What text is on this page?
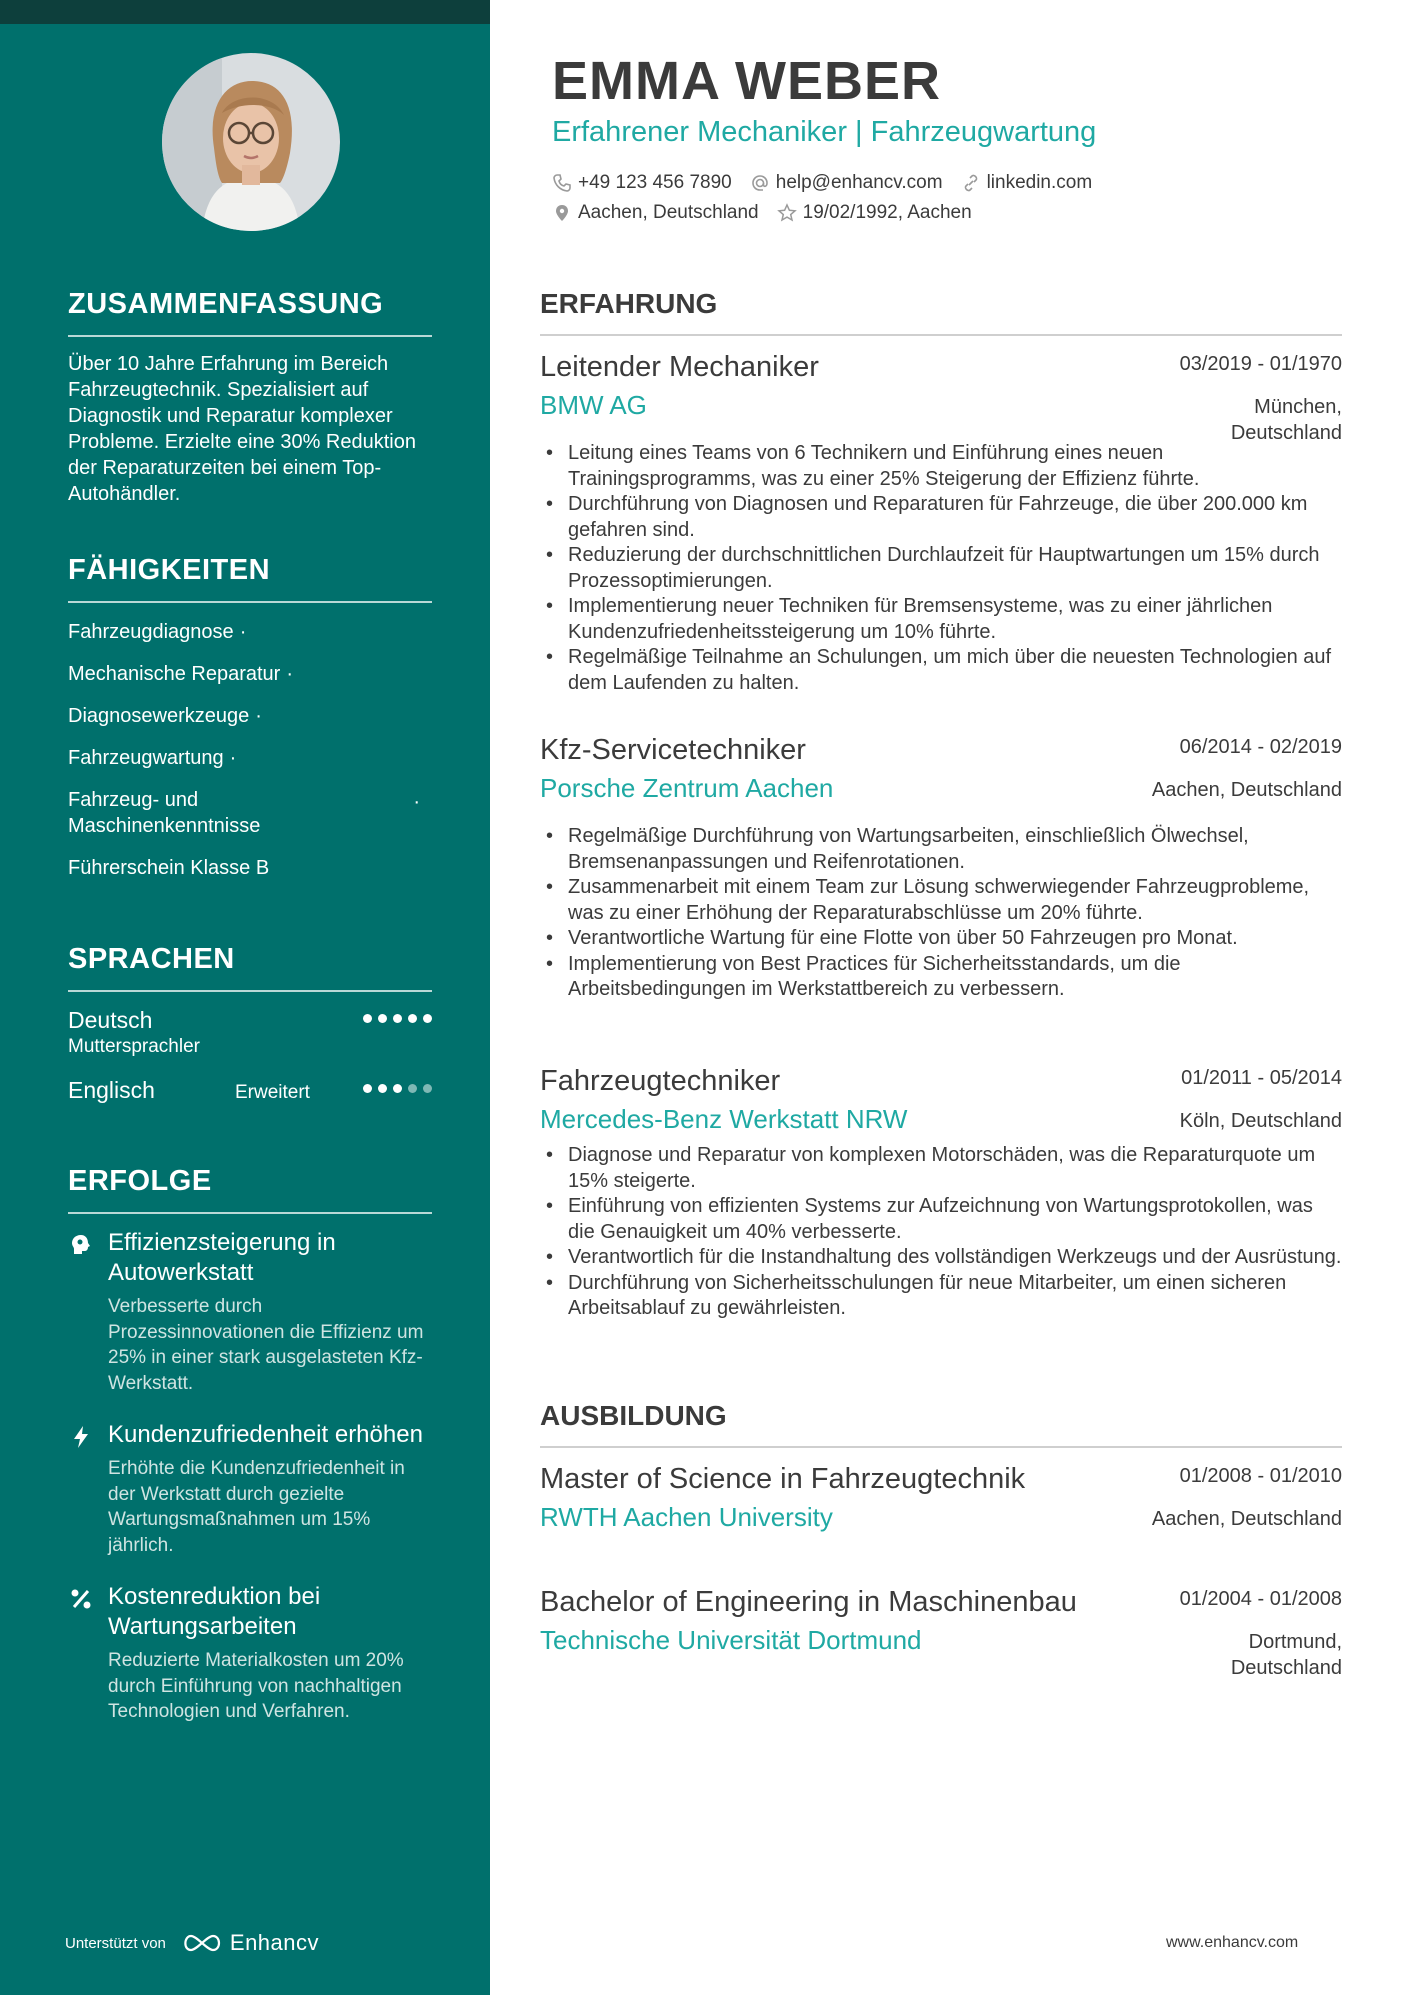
ZUSAMMENFASSUNG

Über 10 Jahre Erfahrung im Bereich Fahrzeugtechnik. Spezialisiert auf Diagnostik und Reparatur komplexer Probleme. Erzielte eine 30% Reduktion der Reparaturzeiten bei einem Top-Autohändler.

FÄHIGKEITEN
Fahrzeugdiagnose ·
Mechanische Reparatur ·
Diagnosewerkzeuge ·
Fahrzeugwartung ·
Fahrzeug- und Maschinenkenntnisse
·
Führerschein Klasse B
SPRACHEN
Deutsch
Muttersprachler
Englisch	Erweitert
ERFOLGE
Effizienzsteigerung in Autowerkstatt
Verbesserte durch Prozessinnovationen die Effizienz um 25% in einer stark ausgelasteten Kfz-Werkstatt.
Kundenzufriedenheit erhöhen
Erhöhte die Kundenzufriedenheit in der Werkstatt durch gezielte Wartungsmaßnahmen um 15% jährlich.
Kostenreduktion bei Wartungsarbeiten
Reduzierte Materialkosten um 20% durch Einführung von nachhaltigen Technologien und Verfahren.
Unterstützt von	Enhancv
EMMA WEBER
Erfahrener Mechaniker | Fahrzeugwartung
+49 123 456 7890 help@enhancv.com linkedin.com
Aachen, Deutschland 19/02/1992, Aachen
ERFAHRUNG
Leitender Mechaniker	03/2019 - 01/1970
BMW AG	München, Deutschland
• Leitung eines Teams von 6 Technikern und Einführung eines neuen Trainingsprogramms, was zu einer 25% Steigerung der Effizienz führte.
• Durchführung von Diagnosen und Reparaturen für Fahrzeuge, die über 200.000 km gefahren sind.
• Reduzierung der durchschnittlichen Durchlaufzeit für Hauptwartungen um 15% durch Prozessoptimierungen.
• Implementierung neuer Techniken für Bremsensysteme, was zu einer jährlichen Kundenzufriedenheitssteigerung um 10% führte.
• Regelmäßige Teilnahme an Schulungen, um mich über die neuesten Technologien auf dem Laufenden zu halten.
Kfz-Servicetechniker	06/2014 - 02/2019
Porsche Zentrum Aachen	Aachen, Deutschland
• Regelmäßige Durchführung von Wartungsarbeiten, einschließlich Ölwechsel, Bremsenanpassungen und Reifenrotationen.
• Zusammenarbeit mit einem Team zur Lösung schwerwiegender Fahrzeugprobleme, was zu einer Erhöhung der Reparaturabschlüsse um 20% führte.
• Verantwortliche Wartung für eine Flotte von über 50 Fahrzeugen pro Monat.
• Implementierung von Best Practices für Sicherheitsstandards, um die Arbeitsbedingungen im Werkstattbereich zu verbessern.
Fahrzeugtechniker	01/2011 - 05/2014
Mercedes-Benz Werkstatt NRW	Köln, Deutschland
• Diagnose und Reparatur von komplexen Motorschäden, was die Reparaturquote um 15% steigerte.
• Einführung von effizienten Systems zur Aufzeichnung von Wartungsprotokollen, was die Genauigkeit um 40% verbesserte.
• Verantwortlich für die Instandhaltung des vollständigen Werkzeugs und der Ausrüstung.
• Durchführung von Sicherheitsschulungen für neue Mitarbeiter, um einen sicheren Arbeitsablauf zu gewährleisten.
AUSBILDUNG
Master of Science in Fahrzeugtechnik	01/2008 - 01/2010
RWTH Aachen University	Aachen, Deutschland
Bachelor of Engineering in Maschinenbau	01/2004 - 01/2008
Technische Universität Dortmund	Dortmund, Deutschland
www.enhancv.com
